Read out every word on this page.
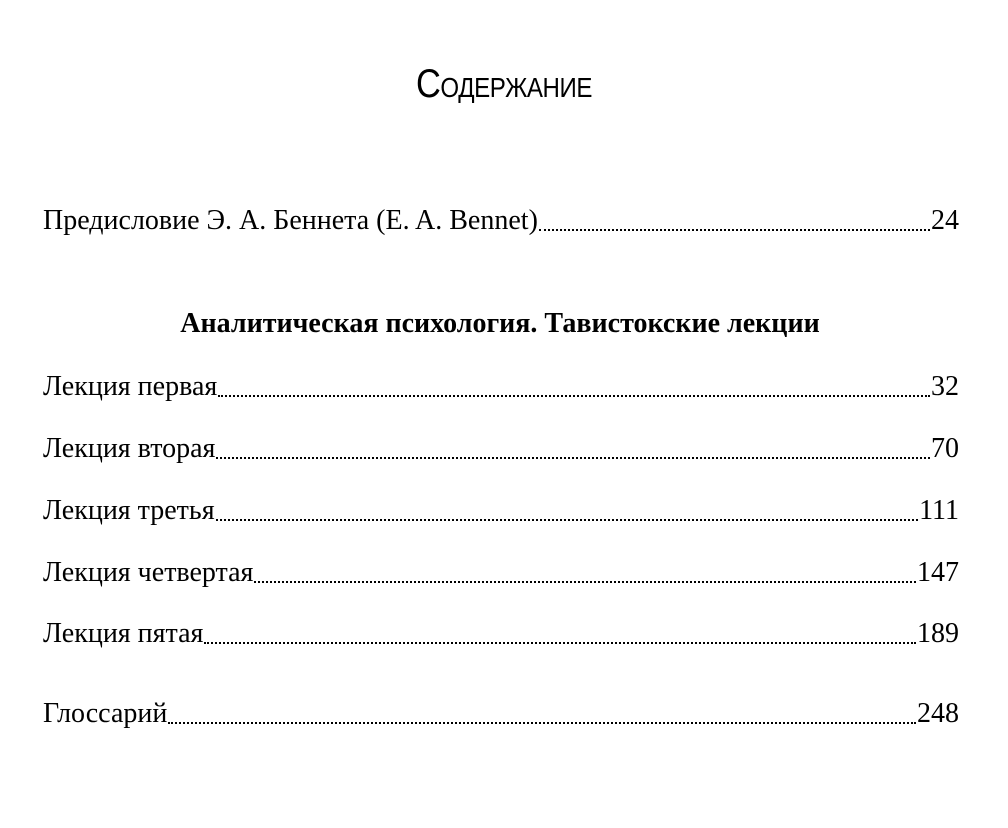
Содержание
Предисловие Э. А. Беннета (E. A. Bennet)	24
Аналитическая психология. Тавистокские лекции
Лекция первая	32
Лекция вторая	70
Лекция третья	111
Лекция четвертая	147
Лекция пятая	189
Глоссарий	248
